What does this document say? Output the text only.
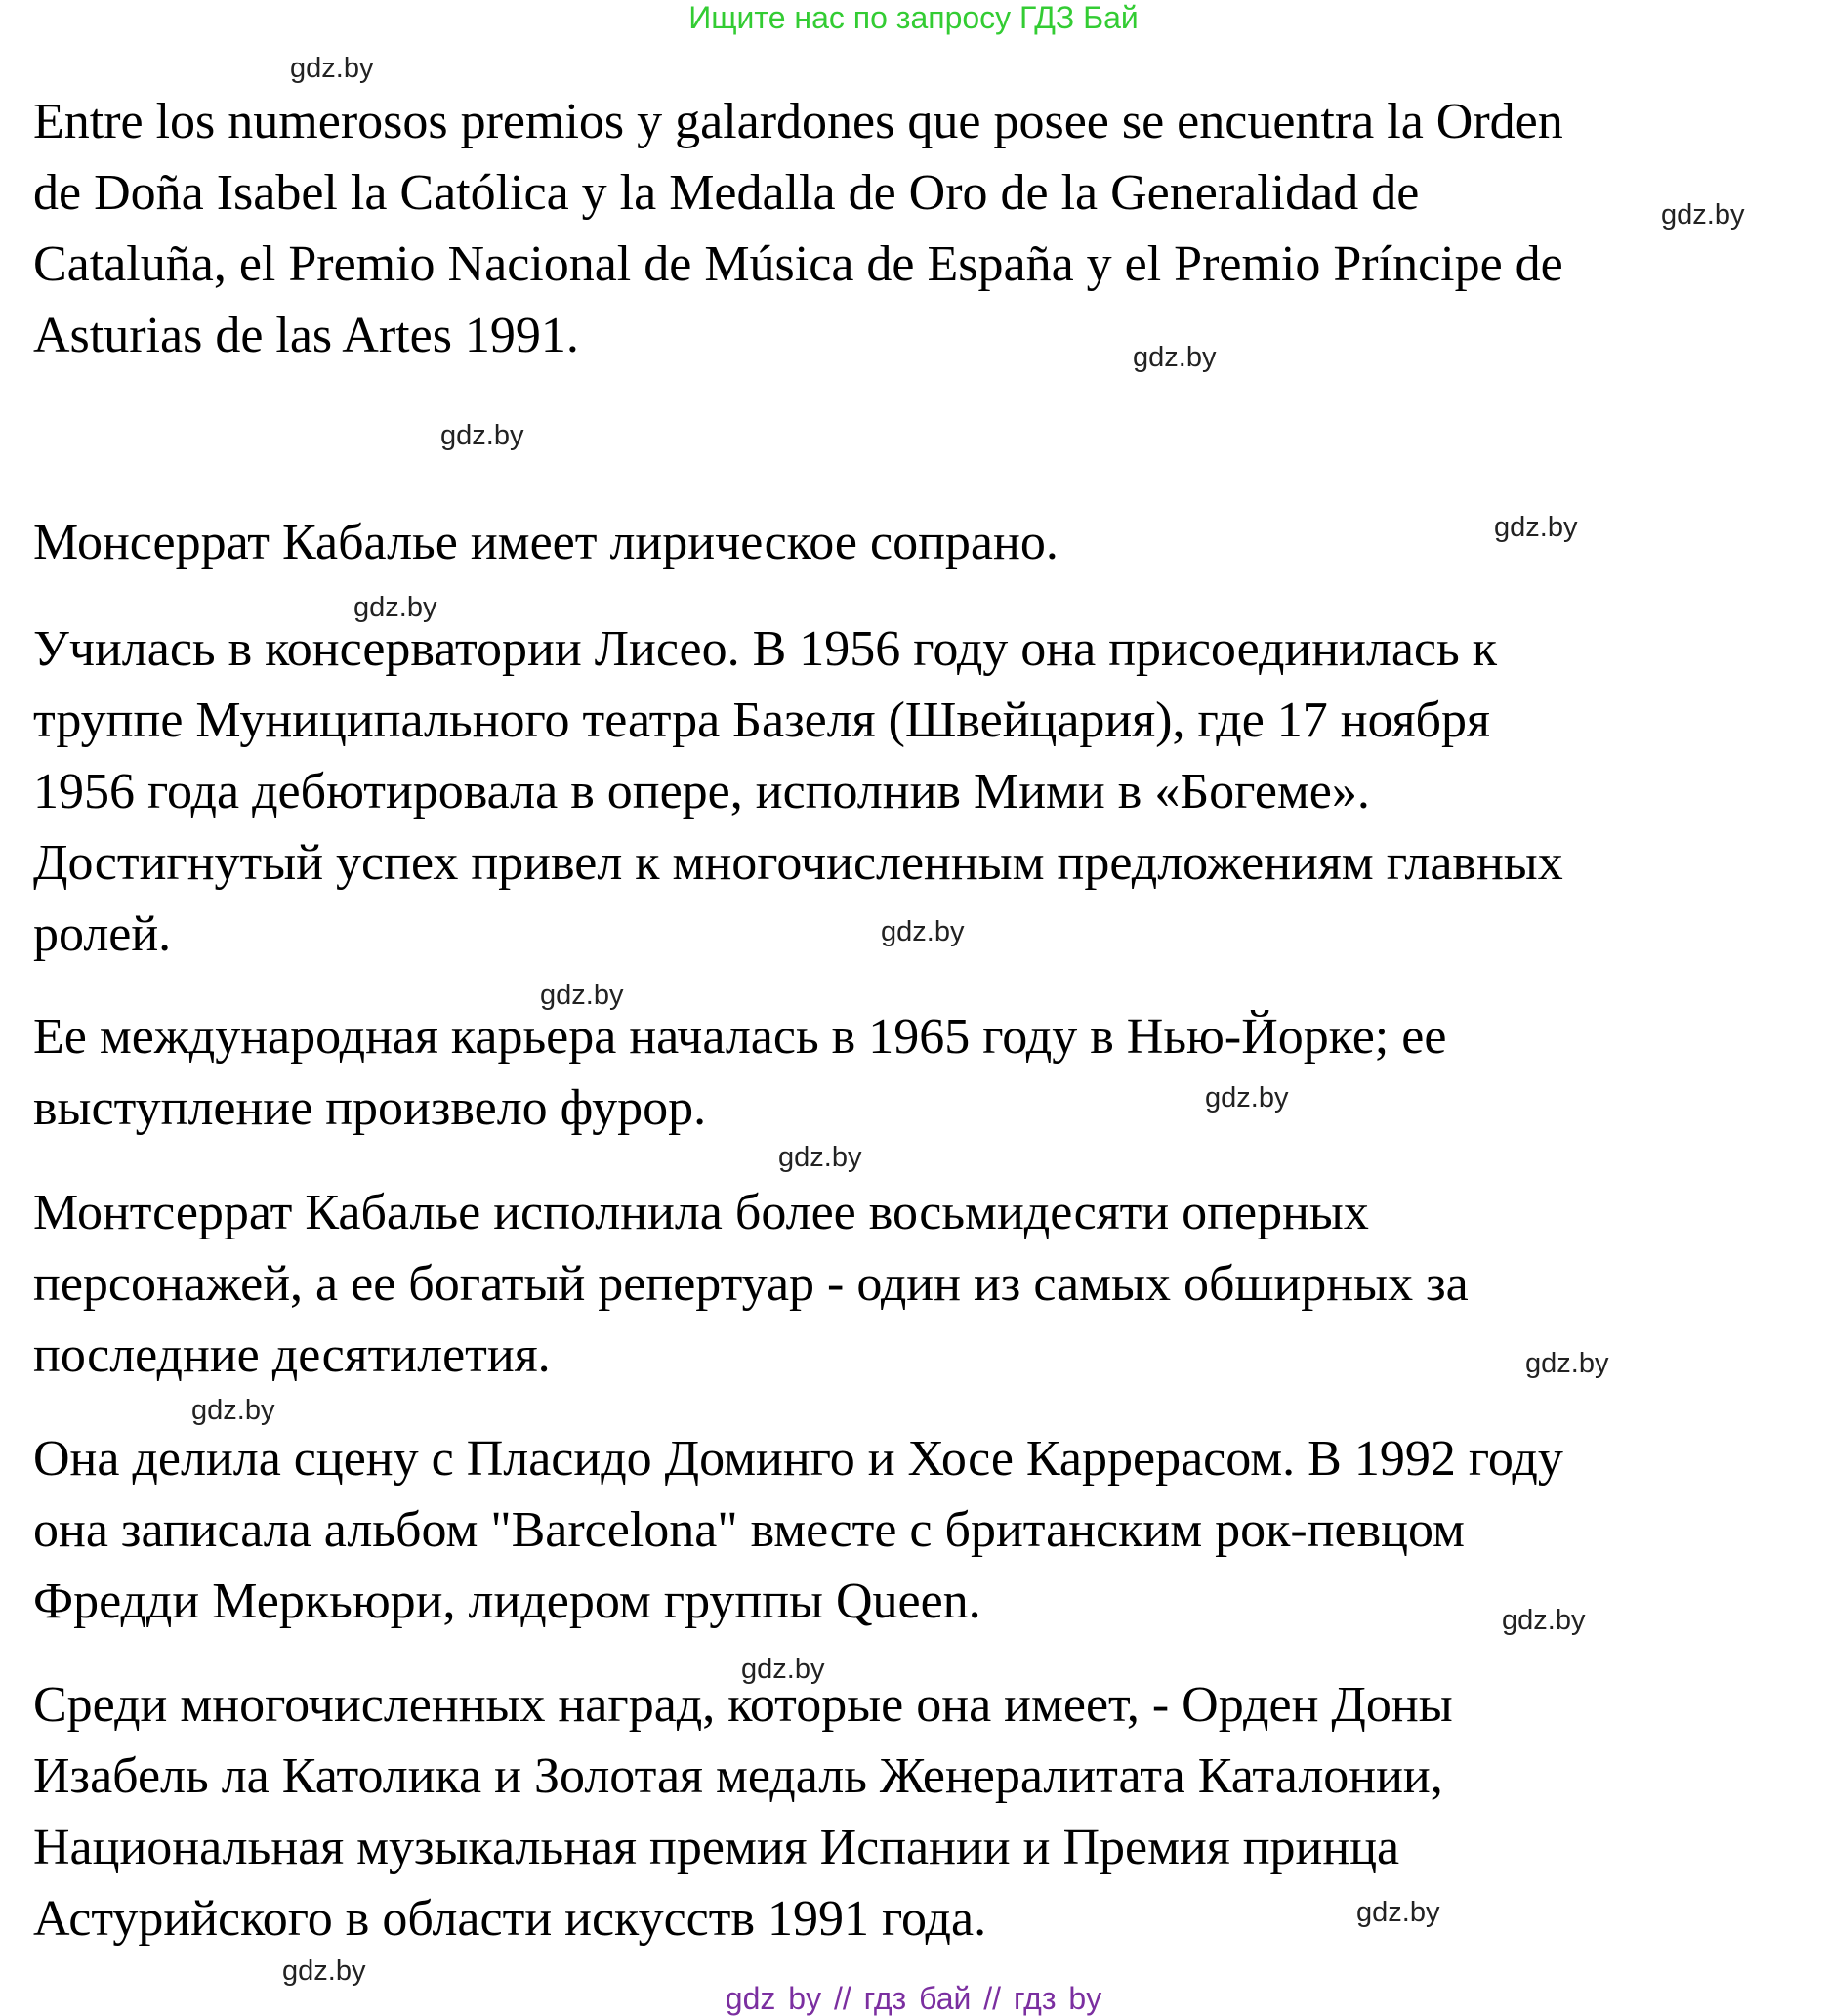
Ищите нас по запросу ГДЗ Бай
gdz.by
gdz.by
gdz.by
gdz.by
gdz.by
gdz.by
gdz.by
gdz.by
gdz.by
gdz.by
gdz.by
gdz.by
gdz.by
gdz.by
gdz.by
gdz.by

Entre los numerosos premios y galardones que posee se encuentra la Orden
de Doña Isabel la Católica y la Medalla de Oro de la Generalidad de
Cataluña, el Premio Nacional de Música de España y el Premio Príncipe de
Asturias de las Artes 1991.

Монсеррат Кабалье имеет лирическое сопрано.

Училась в консерватории Лисео. В 1956 году она присоединилась к
труппе Муниципального театра Базеля (Швейцария), где 17 ноября
1956 года дебютировала в опере, исполнив Мими в «Богеме».
Достигнутый успех привел к многочисленным предложениям главных
ролей.

Ее международная карьера началась в 1965 году в Нью-Йорке; ее
выступление произвело фурор.

Монтсеррат Кабалье исполнила более восьмидесяти оперных
персонажей, а ее богатый репертуар - один из самых обширных за
последние десятилетия.

Она делила сцену с Пласидо Доминго и Хосе Каррерасом. В 1992 году
она записала альбом "Barcelona" вместе с британским рок-певцом
Фредди Меркьюри, лидером группы Queen.

Среди многочисленных наград, которые она имеет, - Орден Доны
Изабель ла Католика и Золотая медаль Женералитата Каталонии,
Национальная музыкальная премия Испании и Премия принца
Астурийского в области искусств 1991 года.

gdz by // гдз бай // гдз by
